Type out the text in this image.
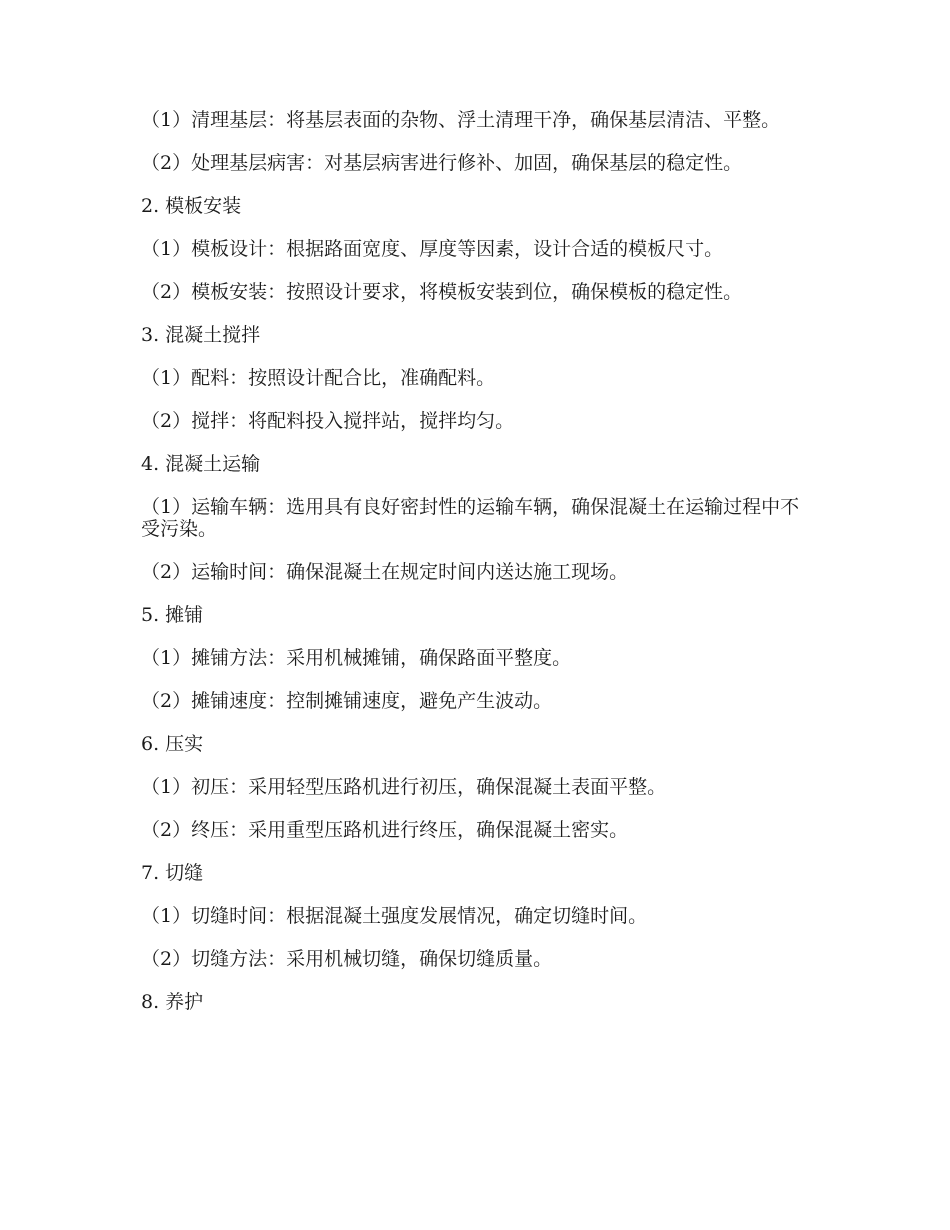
（1）清理基层：将基层表面的杂物、浮土清理干净，确保基层清洁、平整。

（2）处理基层病害：对基层病害进行修补、加固，确保基层的稳定性。

2. 模板安装

（1）模板设计：根据路面宽度、厚度等因素，设计合适的模板尺寸。

（2）模板安装：按照设计要求，将模板安装到位，确保模板的稳定性。

3. 混凝土搅拌

（1）配料：按照设计配合比，准确配料。

（2）搅拌：将配料投入搅拌站，搅拌均匀。

4. 混凝土运输

（1）运输车辆：选用具有良好密封性的运输车辆，确保混凝土在运输过程中不受污染。

（2）运输时间：确保混凝土在规定时间内送达施工现场。

5. 摊铺

（1）摊铺方法：采用机械摊铺，确保路面平整度。

（2）摊铺速度：控制摊铺速度，避免产生波动。

6. 压实

（1）初压：采用轻型压路机进行初压，确保混凝土表面平整。

（2）终压：采用重型压路机进行终压，确保混凝土密实。

7. 切缝

（1）切缝时间：根据混凝土强度发展情况，确定切缝时间。

（2）切缝方法：采用机械切缝，确保切缝质量。

8. 养护
